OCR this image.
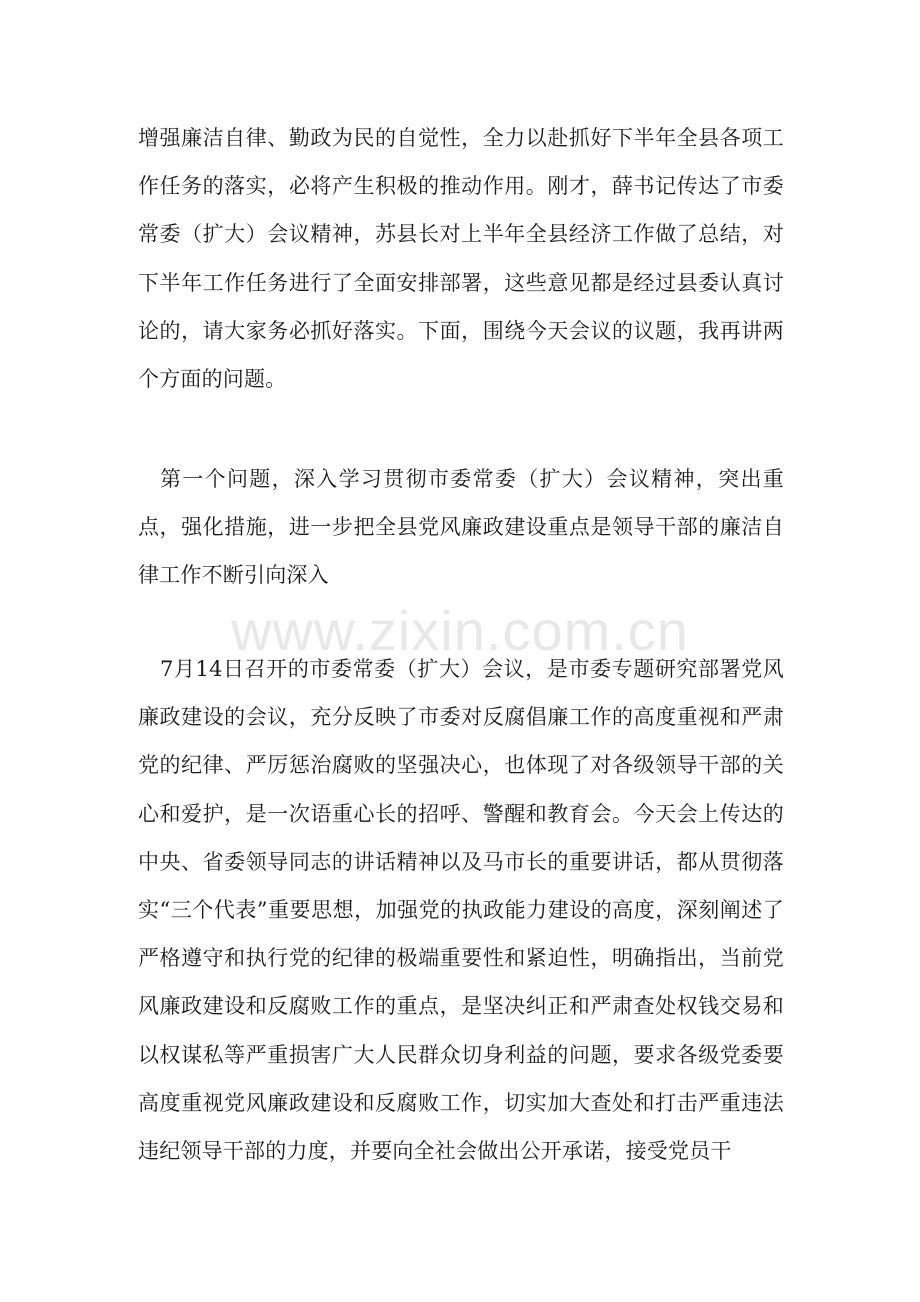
增强廉洁自律、勤政为民的自觉性，全力以赴抓好下半年全县各项工作任务的落实，必将产生积极的推动作用。刚才，薛书记传达了市委常委（扩大）会议精神，苏县长对上半年全县经济工作做了总结，对下半年工作任务进行了全面安排部署，这些意见都是经过县委认真讨论的，请大家务必抓好落实。下面，围绕今天会议的议题，我再讲两个方面的问题。

第一个问题，深入学习贯彻市委常委（扩大）会议精神，突出重点，强化措施，进一步把全县党风廉政建设重点是领导干部的廉洁自律工作不断引向深入

www.zixin.com.cn

7月14日召开的市委常委（扩大）会议，是市委专题研究部署党风廉政建设的会议，充分反映了市委对反腐倡廉工作的高度重视和严肃党的纪律、严厉惩治腐败的坚强决心，也体现了对各级领导干部的关心和爱护，是一次语重心长的招呼、警醒和教育会。今天会上传达的中央、省委领导同志的讲话精神以及马市长的重要讲话，都从贯彻落实“三个代表”重要思想，加强党的执政能力建设的高度，深刻阐述了严格遵守和执行党的纪律的极端重要性和紧迫性，明确指出，当前党风廉政建设和反腐败工作的重点，是坚决纠正和严肃查处权钱交易和以权谋私等严重损害广大人民群众切身利益的问题，要求各级党委要高度重视党风廉政建设和反腐败工作，切实加大查处和打击严重违法违纪领导干部的力度，并要向全社会做出公开承诺，接受党员干
